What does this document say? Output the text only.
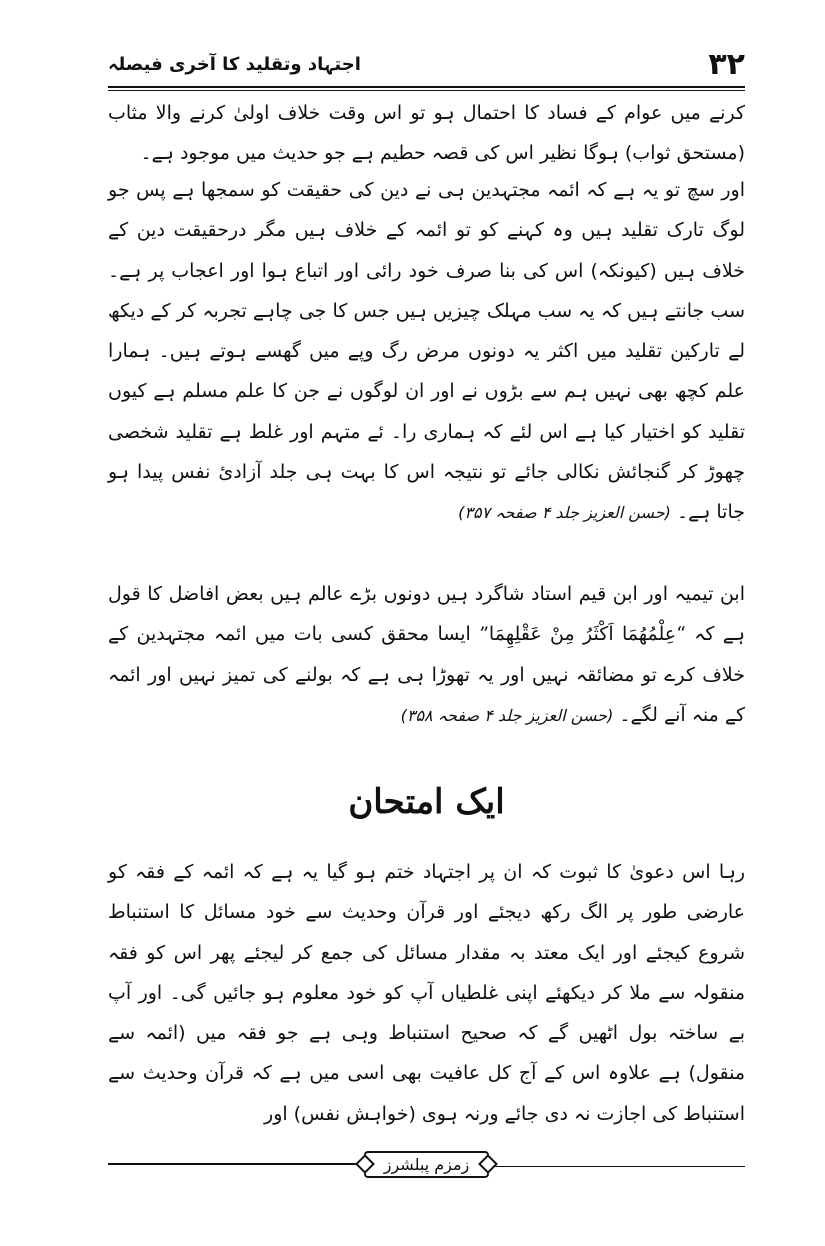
۳۲
اجتہاد وتقلید کا آخری فیصلہ

کرنے میں عوام کے فساد کا احتمال ہو تو اس وقت خلاف اولیٰ کرنے والا مثاب (مستحق ثواب) ہوگا نظیر اس کی قصہ حطیم ہے جو حدیث میں موجود ہے۔

اور سچ تو یہ ہے کہ ائمہ مجتہدین ہی نے دین کی حقیقت کو سمجھا ہے پس جو لوگ تارک تقلید ہیں وہ کہنے کو تو ائمہ کے خلاف ہیں مگر درحقیقت دین کے خلاف ہیں (کیونکہ) اس کی بنا صرف خود رائی اور اتباع ہوا اور اعجاب پر ہے۔ سب جانتے ہیں کہ یہ سب مہلک چیزیں ہیں جس کا جی چاہے تجربہ کر کے دیکھ لے تارکین تقلید میں اکثر یہ دونوں مرض رگ وپے میں گھسے ہوتے ہیں۔ ہمارا علم کچھ بھی نہیں ہم سے بڑوں نے اور ان لوگوں نے جن کا علم مسلم ہے کیوں تقلید کو اختیار کیا ہے اس لئے کہ ہماری را۔ ئے متہم اور غلط ہے تقلید شخصی چھوڑ کر گنجائش نکالی جائے تو نتیجہ اس کا بہت ہی جلد آزادئ نفس پیدا ہو جاتا ہے۔ (حسن العزیز جلد ۴ صفحہ ۳۵۷)

ابن تیمیہ اور ابن قیم استاد شاگرد ہیں دونوں بڑے عالم ہیں بعض افاضل کا قول ہے کہ “عِلْمُهُمَا اَكْثَرُ مِنْ عَقْلِهِمَا” ایسا محقق کسی بات میں ائمہ مجتہدین کے خلاف کرے تو مضائقہ نہیں اور یہ تھوڑا ہی ہے کہ بولنے کی تمیز نہیں اور ائمہ کے منہ آنے لگے۔ (حسن العزیز جلد ۴ صفحہ ۳۵۸)

ایک امتحان

رہا اس دعویٰ کا ثبوت کہ ان پر اجتہاد ختم ہو گیا یہ ہے کہ ائمہ کے فقہ کو عارضی طور پر الگ رکھ دیجئے اور قرآن وحدیث سے خود مسائل کا استنباط شروع کیجئے اور ایک معتد بہ مقدار مسائل کی جمع کر لیجئے پھر اس کو فقہ منقولہ سے ملا کر دیکھئے اپنی غلطیاں آپ کو خود معلوم ہو جائیں گی۔ اور آپ بے ساختہ بول اٹھیں گے کہ صحیح استنباط وہی ہے جو فقہ میں (ائمہ سے منقول) ہے علاوہ اس کے آج کل عافیت بھی اسی میں ہے کہ قرآن وحدیث سے استنباط کی اجازت نہ دی جائے ورنہ ہوی (خواہش نفس) اور

زمزم پبلشرز
